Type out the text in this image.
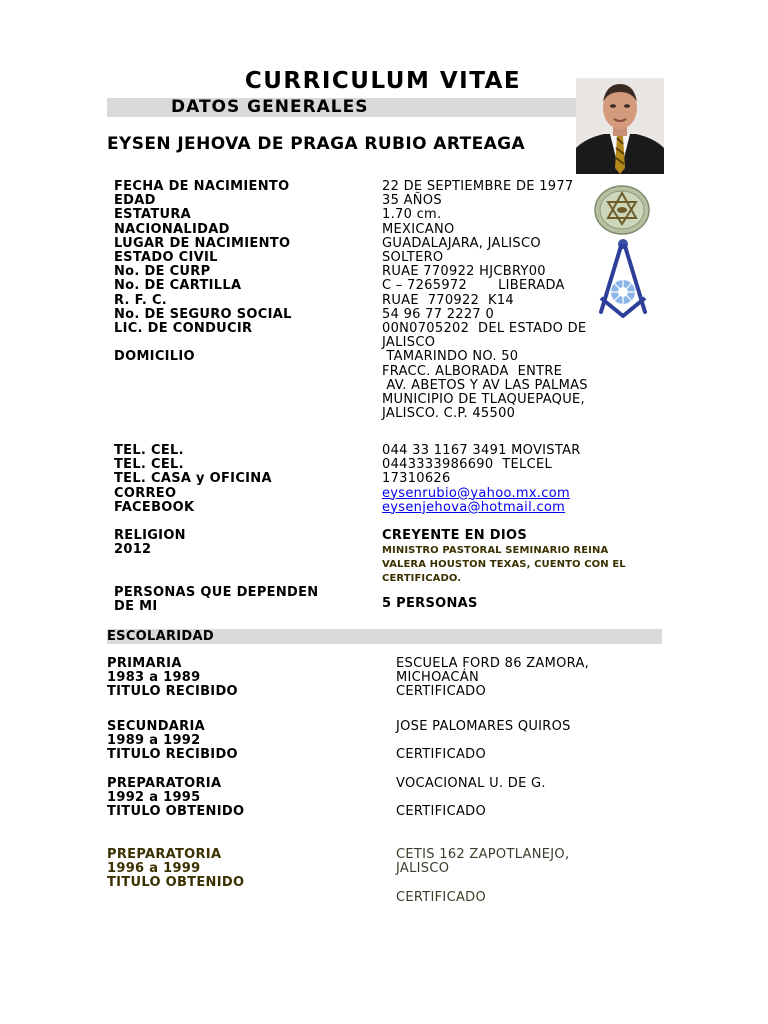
CURRICULUM VITAE
DATOS GENERALES
EYSEN JEHOVA DE PRAGA RUBIO ARTEAGA
FECHA DE NACIMIENTO
EDAD
ESTATURA
NACIONALIDAD
LUGAR DE NACIMIENTO
ESTADO CIVIL
No. DE CURP
No. DE CARTILLA
R. F. C.
No. DE SEGURO SOCIAL
LIC. DE CONDUCIR
DOMICILIO
22 DE SEPTIEMBRE DE 1977
35 AÑOS
1.70 cm.
MEXICANO
GUADALAJARA, JALISCO
SOLTERO
RUAE 770922 HJCBRY00
C – 7265972       LIBERADA
RUAE  770922  K14
54 96 77 2227 0
00N0705202  DEL ESTADO DE
JALISCO
TAMARINDO NO. 50
FRACC. ALBORADA  ENTRE
AV. ABETOS Y AV LAS PALMAS
MUNICIPIO DE TLAQUEPAQUE,
JALISCO. C.P. 45500
TEL. CEL.
TEL. CEL.
TEL. CASA y OFICINA
CORREO
FACEBOOK
044 33 1167 3491 MOVISTAR
0443333986690  TELCEL
17310626
eysenrubio@yahoo.mx.com
eysenjehova@hotmail.com
RELIGION
2012
CREYENTE EN DIOS
MINISTRO PASTORAL SEMINARIO REINA
VALERA HOUSTON TEXAS, CUENTO CON EL
CERTIFICADO.
PERSONAS QUE DEPENDEN
DE MI	5 PERSONAS
ESCOLARIDAD
PRIMARIA
1983 a 1989
TITULO RECIBIDO
ESCUELA FORD 86 ZAMORA,
MICHOACÁN
CERTIFICADO
SECUNDARIA
1989 a 1992
TITULO RECIBIDO
JOSE PALOMARES QUIROS
CERTIFICADO
PREPARATORIA
1992 a 1995
TITULO OBTENIDO
VOCACIONAL U. DE G.
CERTIFICADO
PREPARATORIA
1996 a 1999
TITULO OBTENIDO
CETIS 162 ZAPOTLANEJO,
JALISCO
CERTIFICADO
